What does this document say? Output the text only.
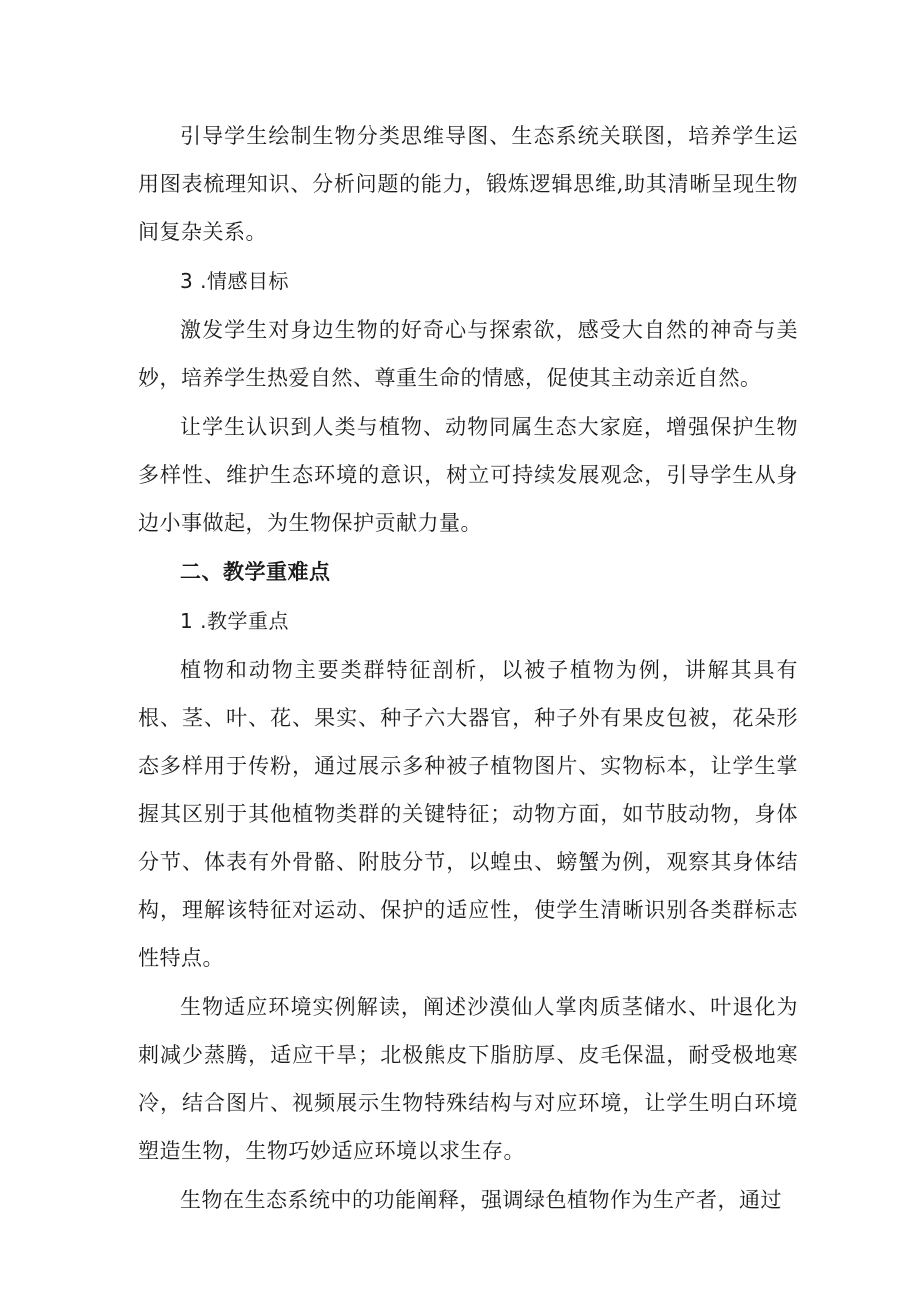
引导学生绘制生物分类思维导图、生态系统关联图，培养学生运用图表梳理知识、分析问题的能力，锻炼逻辑思维,助其清晰呈现生物间复杂关系。

3 .情感目标

激发学生对身边生物的好奇心与探索欲，感受大自然的神奇与美妙，培养学生热爱自然、尊重生命的情感，促使其主动亲近自然。

让学生认识到人类与植物、动物同属生态大家庭，增强保护生物多样性、维护生态环境的意识，树立可持续发展观念，引导学生从身边小事做起，为生物保护贡献力量。

二、教学重难点

1 .教学重点

植物和动物主要类群特征剖析，以被子植物为例，讲解其具有根、茎、叶、花、果实、种子六大器官，种子外有果皮包被，花朵形态多样用于传粉，通过展示多种被子植物图片、实物标本，让学生掌握其区别于其他植物类群的关键特征；动物方面，如节肢动物，身体分节、体表有外骨骼、附肢分节，以蝗虫、螃蟹为例，观察其身体结构，理解该特征对运动、保护的适应性，使学生清晰识别各类群标志性特点。

生物适应环境实例解读，阐述沙漠仙人掌肉质茎储水、叶退化为刺减少蒸腾，适应干旱；北极熊皮下脂肪厚、皮毛保温，耐受极地寒冷，结合图片、视频展示生物特殊结构与对应环境，让学生明白环境塑造生物，生物巧妙适应环境以求生存。

生物在生态系统中的功能阐释，强调绿色植物作为生产者，通过
